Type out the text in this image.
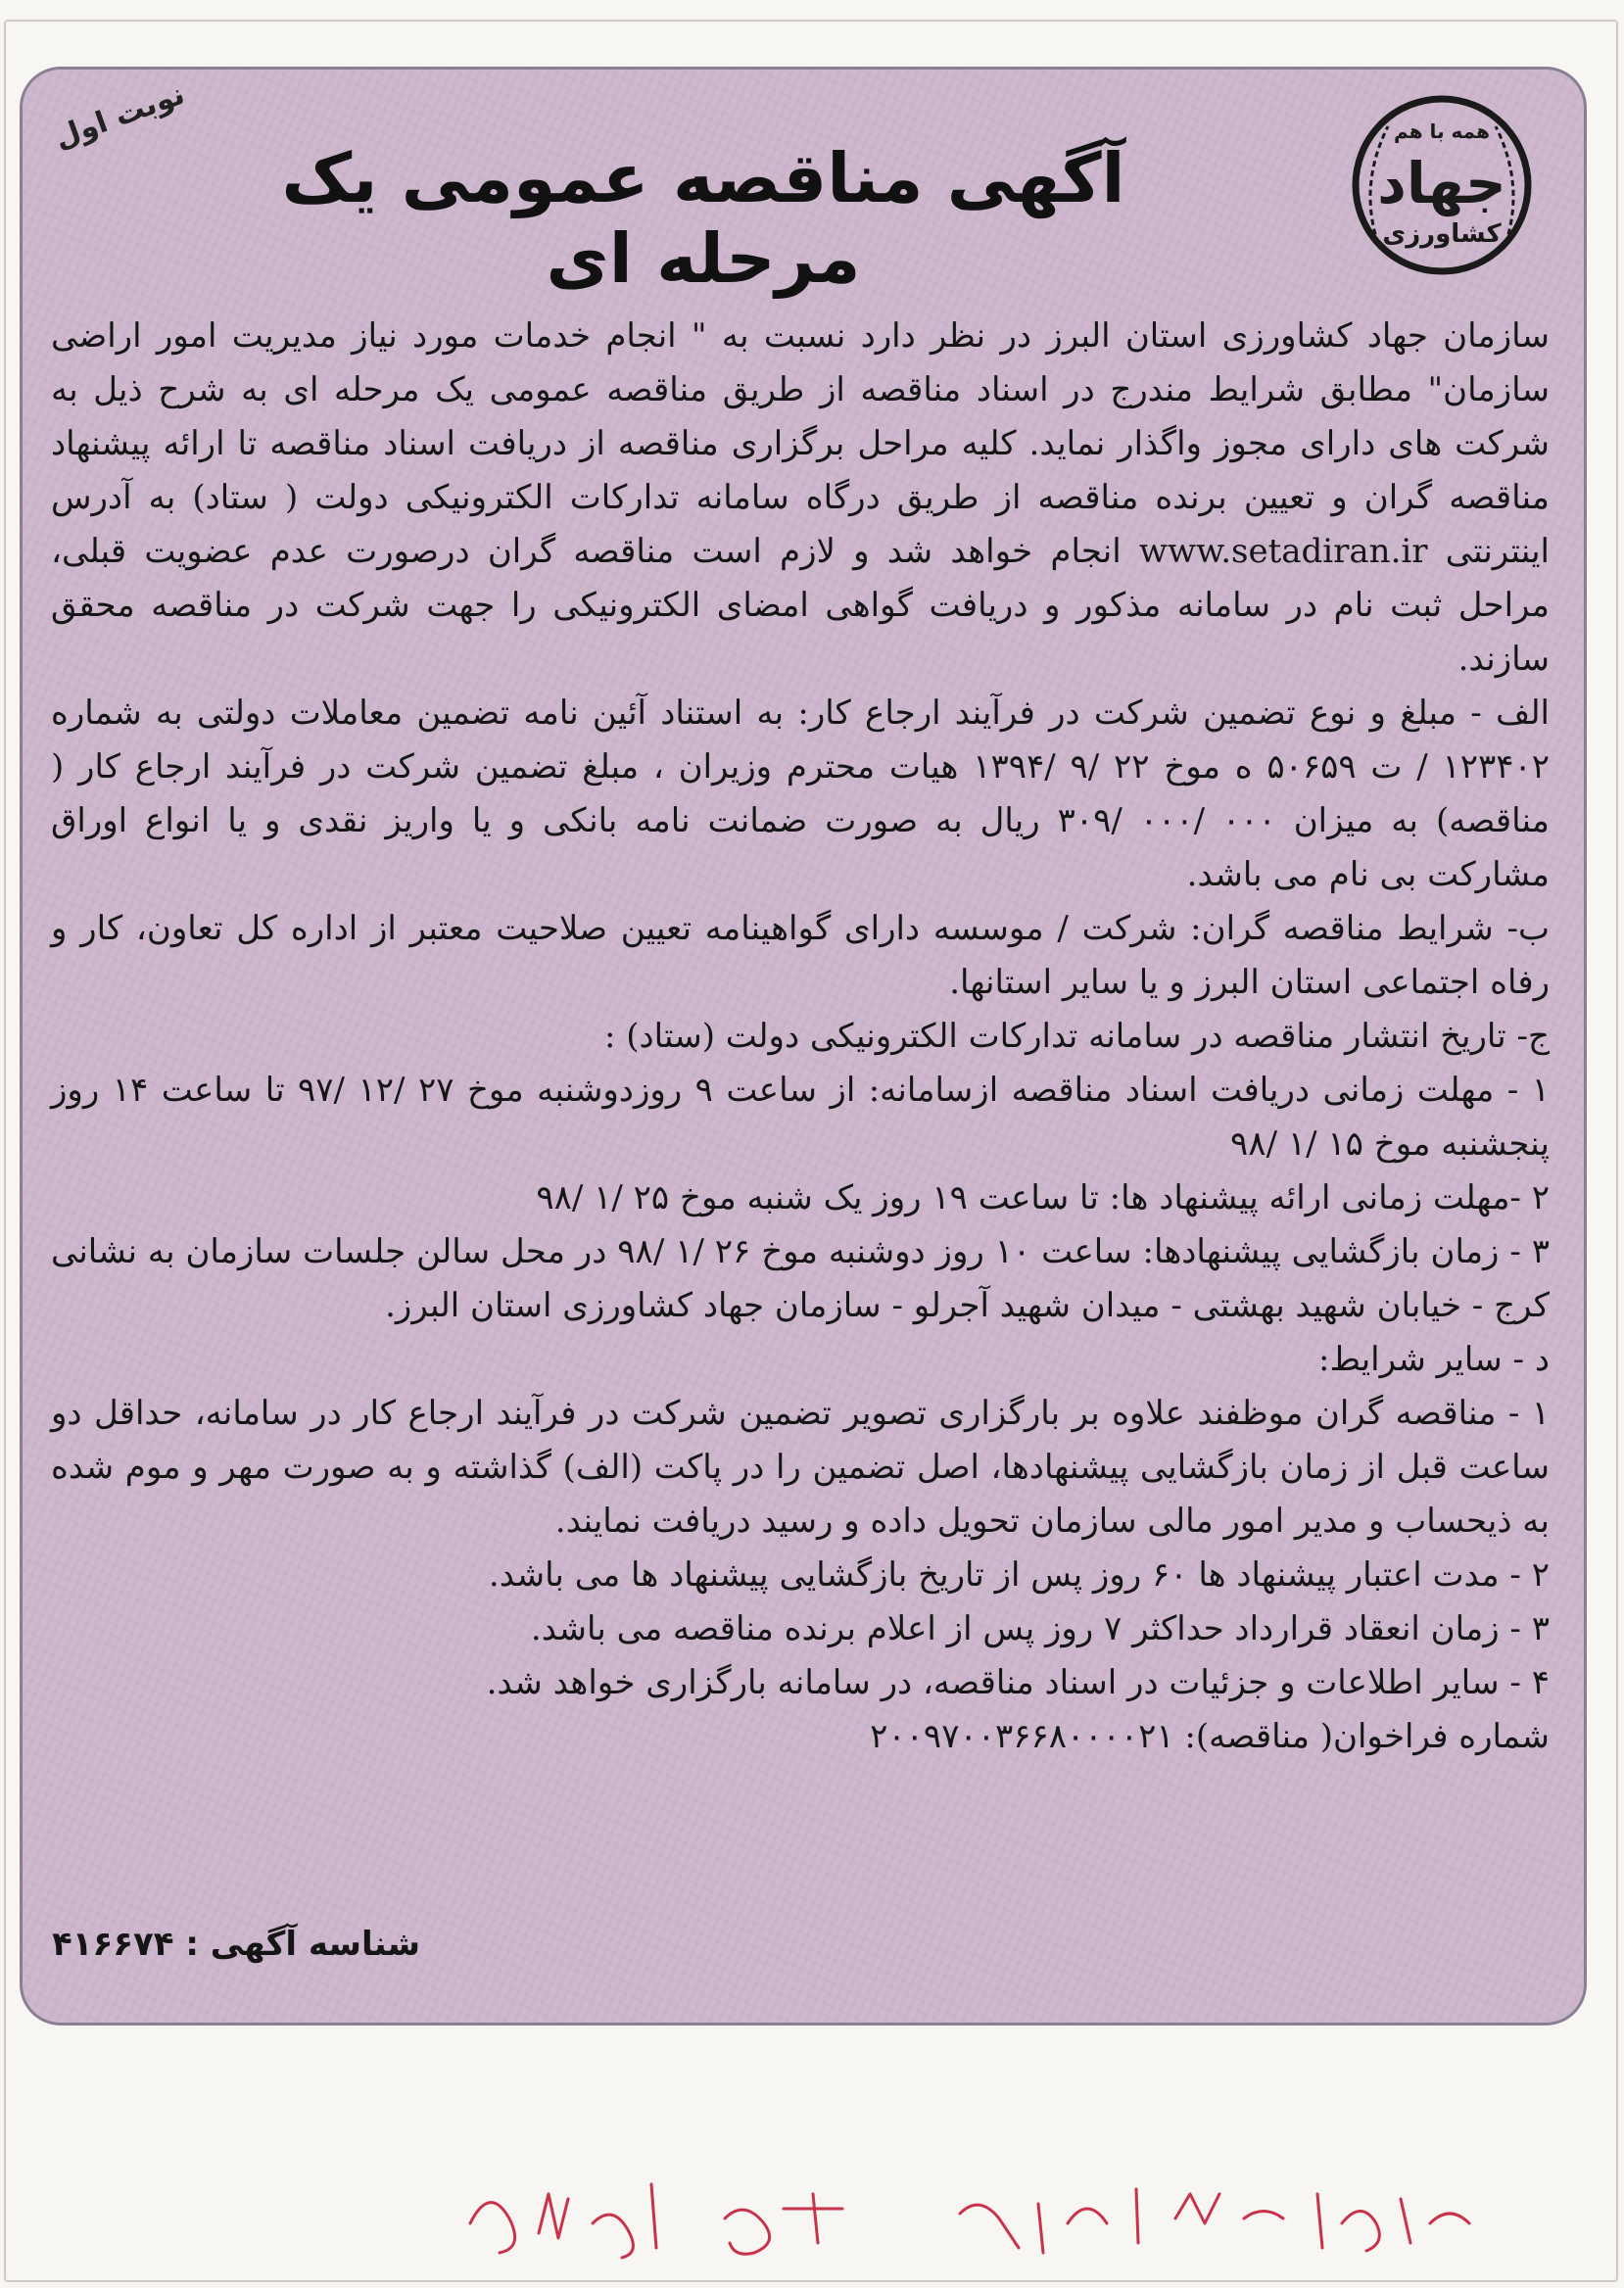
همه با هم
جهاد
کشاورزی
نوبت اول
آگهی مناقصه عمومی یک مرحله ای

سازمان جهاد کشاورزی استان البرز در نظر دارد نسبت به " انجام خدمات مورد نیاز مدیریت امور اراضی سازمان" مطابق شرایط مندرج در اسناد مناقصه از طریق مناقصه عمومی یک مرحله ای به شرح ذیل به شرکت های دارای مجوز واگذار نماید. کلیه مراحل برگزاری مناقصه از دریافت اسناد مناقصه تا ارائه پیشنهاد مناقصه گران و تعیین برنده مناقصه از طریق درگاه سامانه تدارکات الکترونیکی دولت ( ستاد) به آدرس اینترنتی www.setadiran.ir انجام خواهد شد و لازم است مناقصه گران درصورت عدم عضویت قبلی، مراحل ثبت نام در سامانه مذکور و دریافت گواهی امضای الکترونیکی را جهت شرکت در مناقصه محقق سازند.

الف - مبلغ و نوع تضمین شرکت در فرآیند ارجاع کار: به استناد آئین نامه تضمین معاملات دولتی به شماره ۱۲۳۴۰۲ / ت ۵۰۶۵۹ ه موخ ۲۲ /۹ /۱۳۹۴ هیات محترم وزیران ، مبلغ تضمین شرکت در فرآیند ارجاع کار ( مناقصه) به میزان ۰۰۰ /۰۰۰ /۳۰۹ ریال به صورت ضمانت نامه بانکی و یا واریز نقدی و یا انواع اوراق مشارکت بی نام می باشد.

ب- شرایط مناقصه گران: شرکت / موسسه دارای گواهینامه تعیین صلاحیت معتبر از اداره کل تعاون، کار و رفاه اجتماعی استان البرز و یا سایر استانها.

ج- تاریخ انتشار مناقصه در سامانه تدارکات الکترونیکی دولت (ستاد) :

۱ - مهلت زمانی دریافت اسناد مناقصه ازسامانه: از ساعت ۹ روزدوشنبه موخ ۲۷ /۱۲ /۹۷ تا ساعت ۱۴ روز پنجشنبه موخ ۱۵ /۱ /۹۸

۲ -مهلت زمانی ارائه پیشنهاد ها: تا ساعت ۱۹ روز یک شنبه موخ ۲۵ /۱ /۹۸

۳ - زمان بازگشایی پیشنهادها: ساعت ۱۰ روز دوشنبه موخ ۲۶ /۱ /۹۸ در محل سالن جلسات سازمان به نشانی کرج - خیابان شهید بهشتی - میدان شهید آجرلو - سازمان جهاد کشاورزی استان البرز.

د - سایر شرایط:

۱ - مناقصه گران موظفند علاوه بر بارگزاری تصویر تضمین شرکت در فرآیند ارجاع کار در سامانه، حداقل دو ساعت قبل از زمان بازگشایی پیشنهادها، اصل تضمین را در پاکت (الف) گذاشته و به صورت مهر و موم شده به ذیحساب و مدیر امور مالی سازمان تحویل داده و رسید دریافت نمایند.

۲ - مدت اعتبار پیشنهاد ها ۶۰ روز پس از تاریخ بازگشایی پیشنهاد ها می باشد.

۳ - زمان انعقاد قرارداد حداکثر ۷ روز پس از اعلام برنده مناقصه می باشد.

۴ - سایر اطلاعات و جزئیات در اسناد مناقصه، در سامانه بارگزاری خواهد شد.

شماره فراخوان( مناقصه): ۲۰۰۹۷۰۰۳۶۶۸۰۰۰۰۲۱

شناسه آگهی : ۴۱۶۶۷۴
